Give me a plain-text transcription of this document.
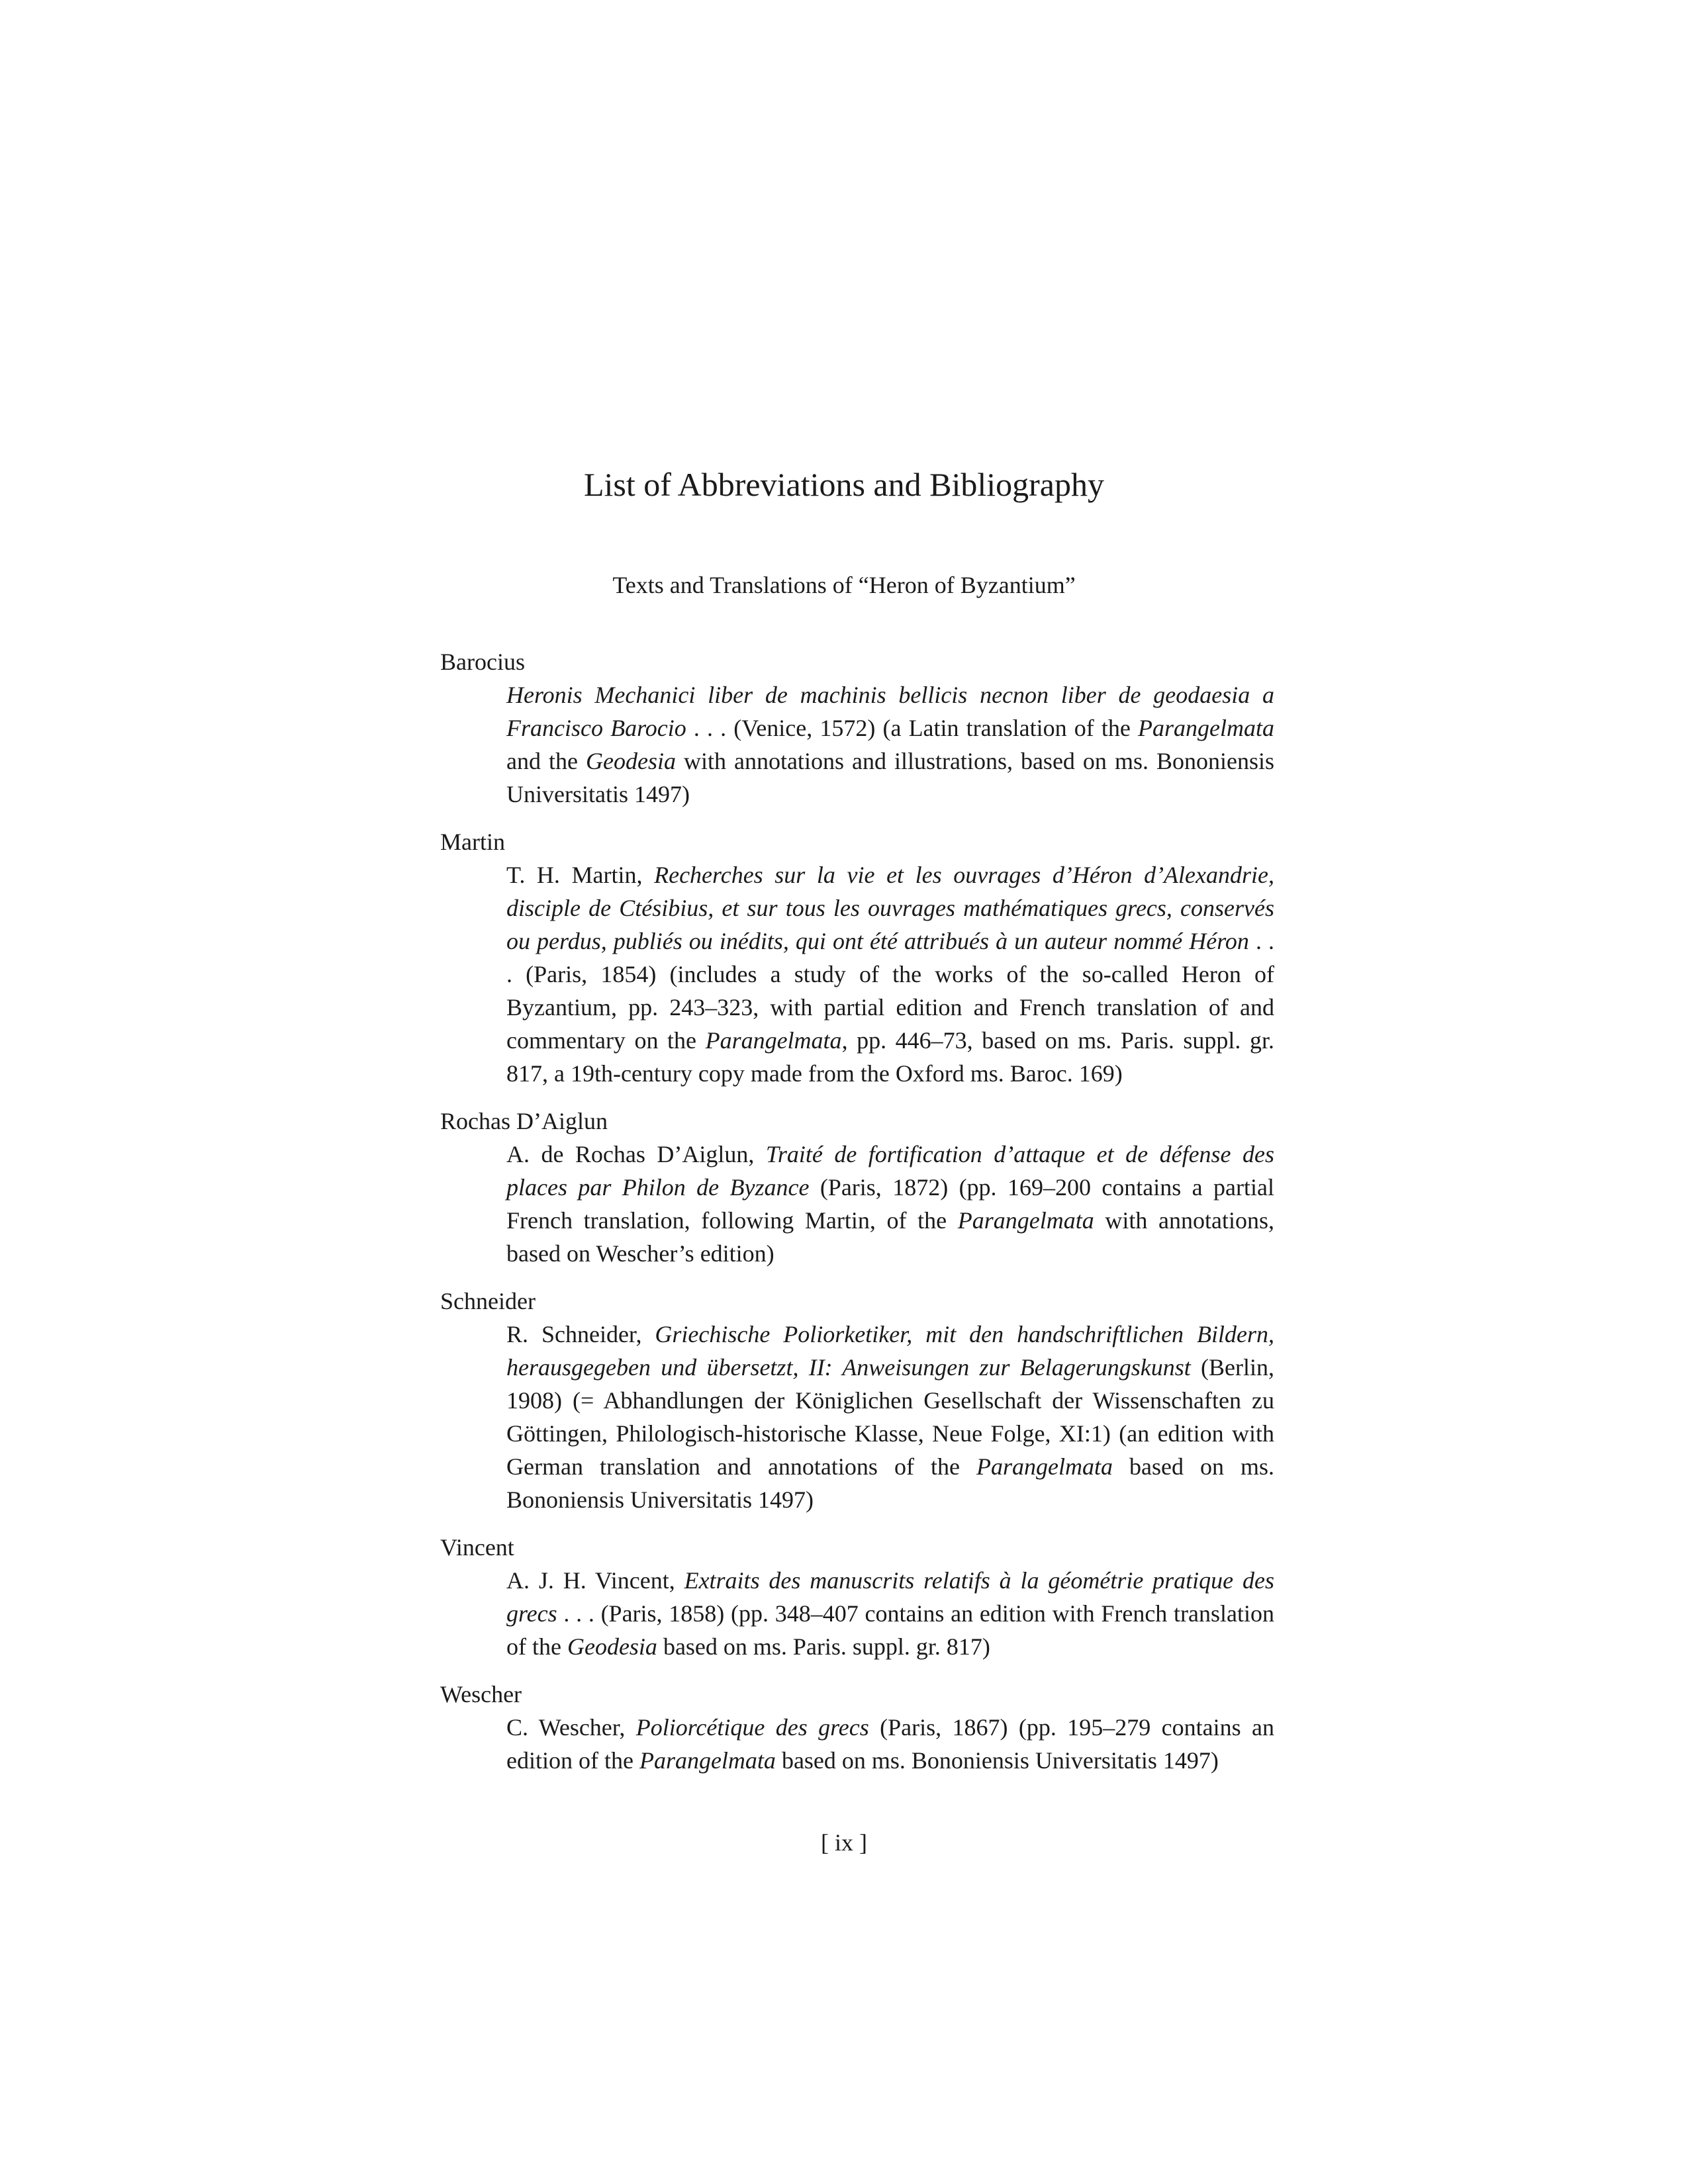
List of Abbreviations and Bibliography
Texts and Translations of “Heron of Byzantium”
Barocius
Heronis Mechanici liber de machinis bellicis necnon liber de geodaesia a Francisco Barocio . . . (Venice, 1572) (a Latin translation of the Parangelmata and the Geodesia with annotations and illustrations, based on ms. Bononiensis Universitatis 1497)
Martin
T. H. Martin, Recherches sur la vie et les ouvrages d’Héron d’Alexandrie, disciple de Ctésibius, et sur tous les ouvrages mathématiques grecs, conservés ou perdus, publiés ou inédits, qui ont été attribués à un auteur nommé Héron . . . (Paris, 1854) (includes a study of the works of the so-called Heron of Byzantium, pp. 243–323, with partial edition and French translation of and commentary on the Parangelmata, pp. 446–73, based on ms. Paris. suppl. gr. 817, a 19th-century copy made from the Oxford ms. Baroc. 169)
Rochas D’Aiglun
A. de Rochas D’Aiglun, Traité de fortification d’attaque et de défense des places par Philon de Byzance (Paris, 1872) (pp. 169–200 contains a partial French translation, following Martin, of the Parangelmata with annotations, based on Wescher’s edition)
Schneider
R. Schneider, Griechische Poliorketiker, mit den handschriftlichen Bildern, herausgegeben und übersetzt, II: Anweisungen zur Belagerungskunst (Berlin, 1908) (= Abhandlungen der Königlichen Gesellschaft der Wissenschaften zu Göttingen, Philologisch-historische Klasse, Neue Folge, XI:1) (an edition with German translation and annotations of the Parangelmata based on ms. Bononiensis Universitatis 1497)
Vincent
A. J. H. Vincent, Extraits des manuscrits relatifs à la géométrie pratique des grecs . . . (Paris, 1858) (pp. 348–407 contains an edition with French translation of the Geodesia based on ms. Paris. suppl. gr. 817)
Wescher
C. Wescher, Poliorcétique des grecs (Paris, 1867) (pp. 195–279 contains an edition of the Parangelmata based on ms. Bononiensis Universitatis 1497)
[ ix ]
